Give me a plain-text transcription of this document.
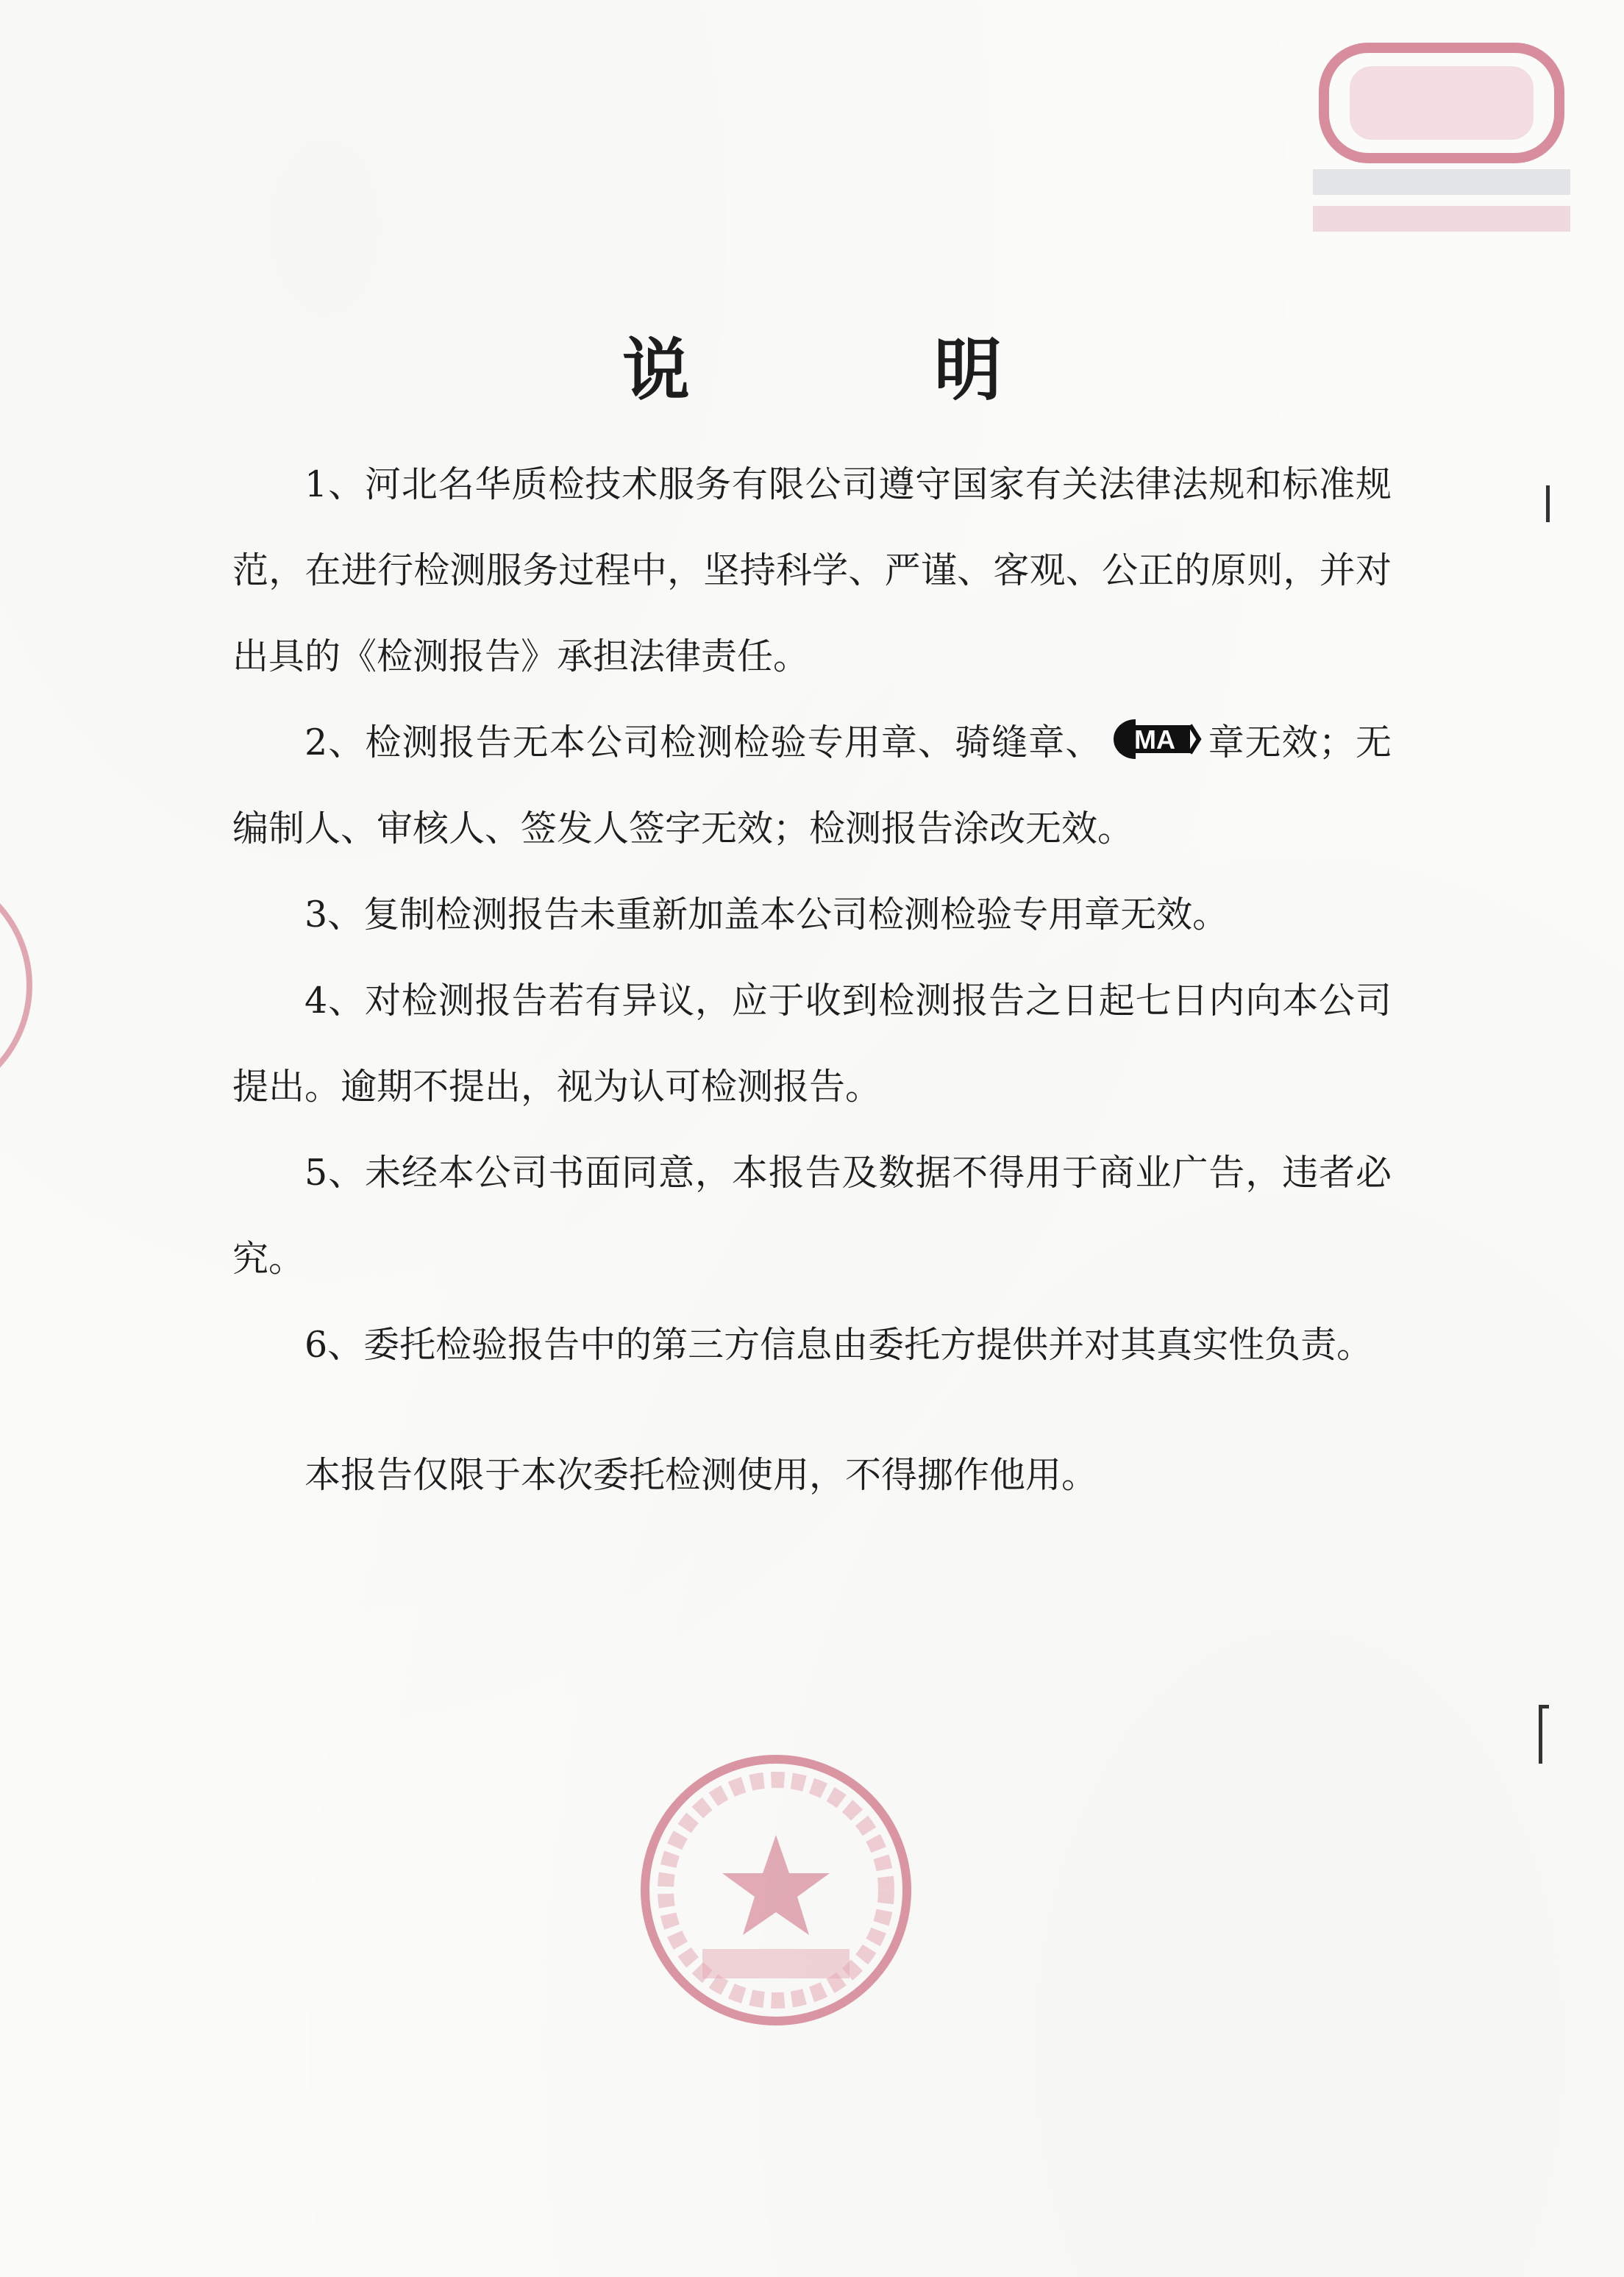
说　明

1、河北名华质检技术服务有限公司遵守国家有关法律法规和标准规范，在进行检测服务过程中，坚持科学、严谨、客观、公正的原则，并对出具的《检测报告》承担法律责任。

2、检测报告无本公司检测检验专用章、骑缝章、 MA 章无效；无编制人、审核人、签发人签字无效；检测报告涂改无效。

3、复制检测报告未重新加盖本公司检测检验专用章无效。

4、对检测报告若有异议，应于收到检测报告之日起七日内向本公司提出。逾期不提出，视为认可检测报告。

5、未经本公司书面同意，本报告及数据不得用于商业广告，违者必究。

6、委托检验报告中的第三方信息由委托方提供并对其真实性负责。

本报告仅限于本次委托检测使用，不得挪作他用。
